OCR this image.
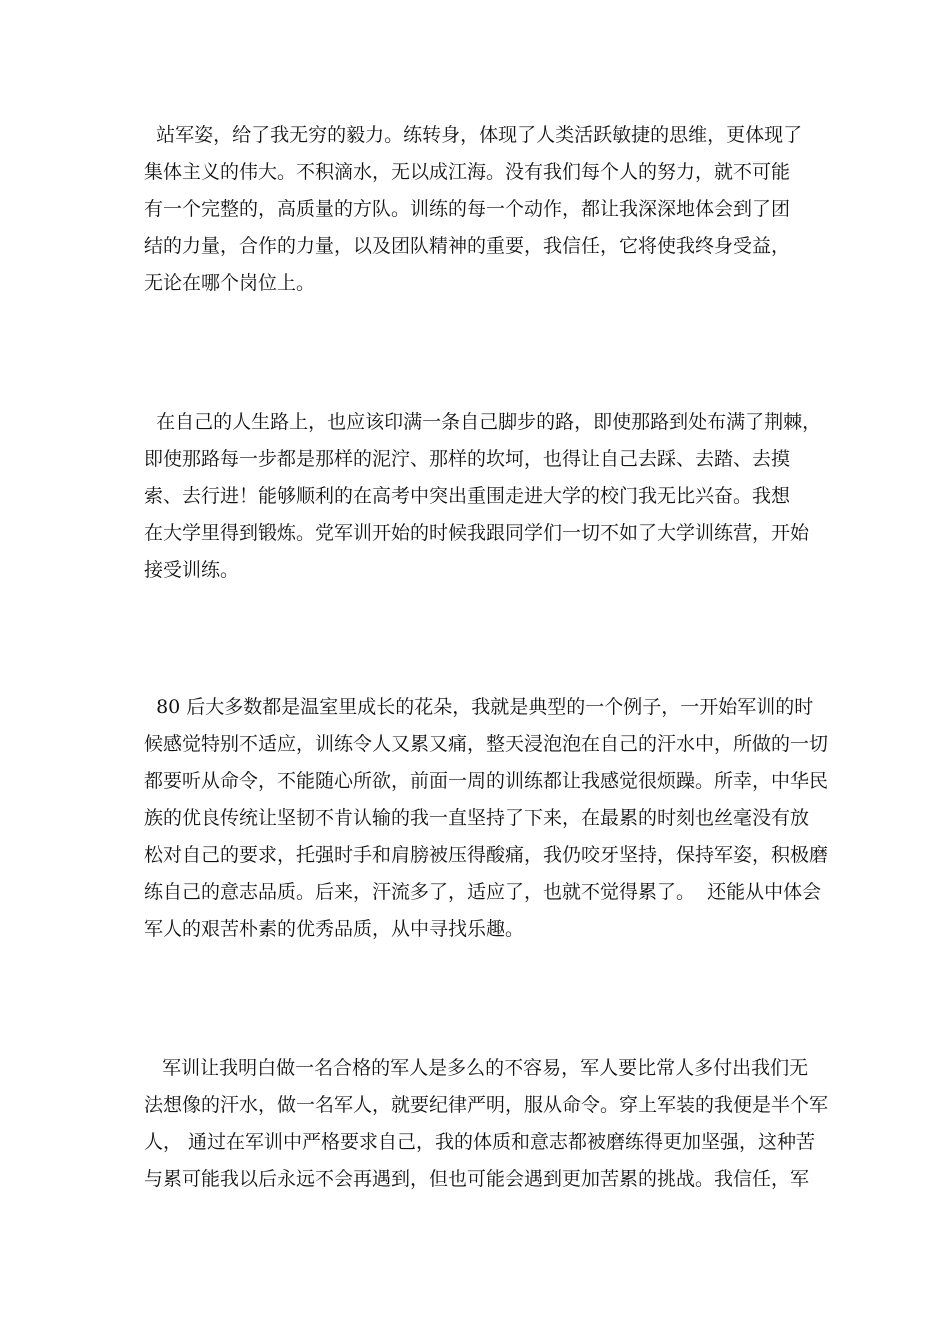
站军姿，给了我无穷的毅力。练转身，体现了人类活跃敏捷的思维，更体现了
集体主义的伟大。不积滴水，无以成江海。没有我们每个人的努力，就不可能
有一个完整的，高质量的方队。训练的每一个动作，都让我深深地体会到了团
结的力量，合作的力量，以及团队精神的重要，我信任，它将使我终身受益，
无论在哪个岗位上。

在自己的人生路上，也应该印满一条自己脚步的路，即使那路到处布满了荆棘，
即使那路每一步都是那样的泥泞、那样的坎坷，也得让自己去踩、去踏、去摸
索、去行进！能够顺利的在高考中突出重围走进大学的校门我无比兴奋。我想
在大学里得到锻炼。党军训开始的时候我跟同学们一切不如了大学训练营，开始
接受训练。

80 后大多数都是温室里成长的花朵，我就是典型的一个例子，一开始军训的时
候感觉特别不适应，训练令人又累又痛，整天浸泡泡在自己的汗水中，所做的一切
都要听从命令，不能随心所欲，前面一周的训练都让我感觉很烦躁。所幸，中华民
族的优良传统让坚韧不肯认输的我一直坚持了下来，在最累的时刻也丝毫没有放
松对自己的要求，托强时手和肩膀被压得酸痛，我仍咬牙坚持，保持军姿，积极磨
练自己的意志品质。后来，汗流多了，适应了，也就不觉得累了。  还能从中体会
军人的艰苦朴素的优秀品质，从中寻找乐趣。

军训让我明白做一名合格的军人是多么的不容易，军人要比常人多付出我们无
法想像的汗水，做一名军人，就要纪律严明，服从命令。穿上军装的我便是半个军
人， 通过在军训中严格要求自己，我的体质和意志都被磨练得更加坚强，这种苦
与累可能我以后永远不会再遇到，但也可能会遇到更加苦累的挑战。我信任，军
